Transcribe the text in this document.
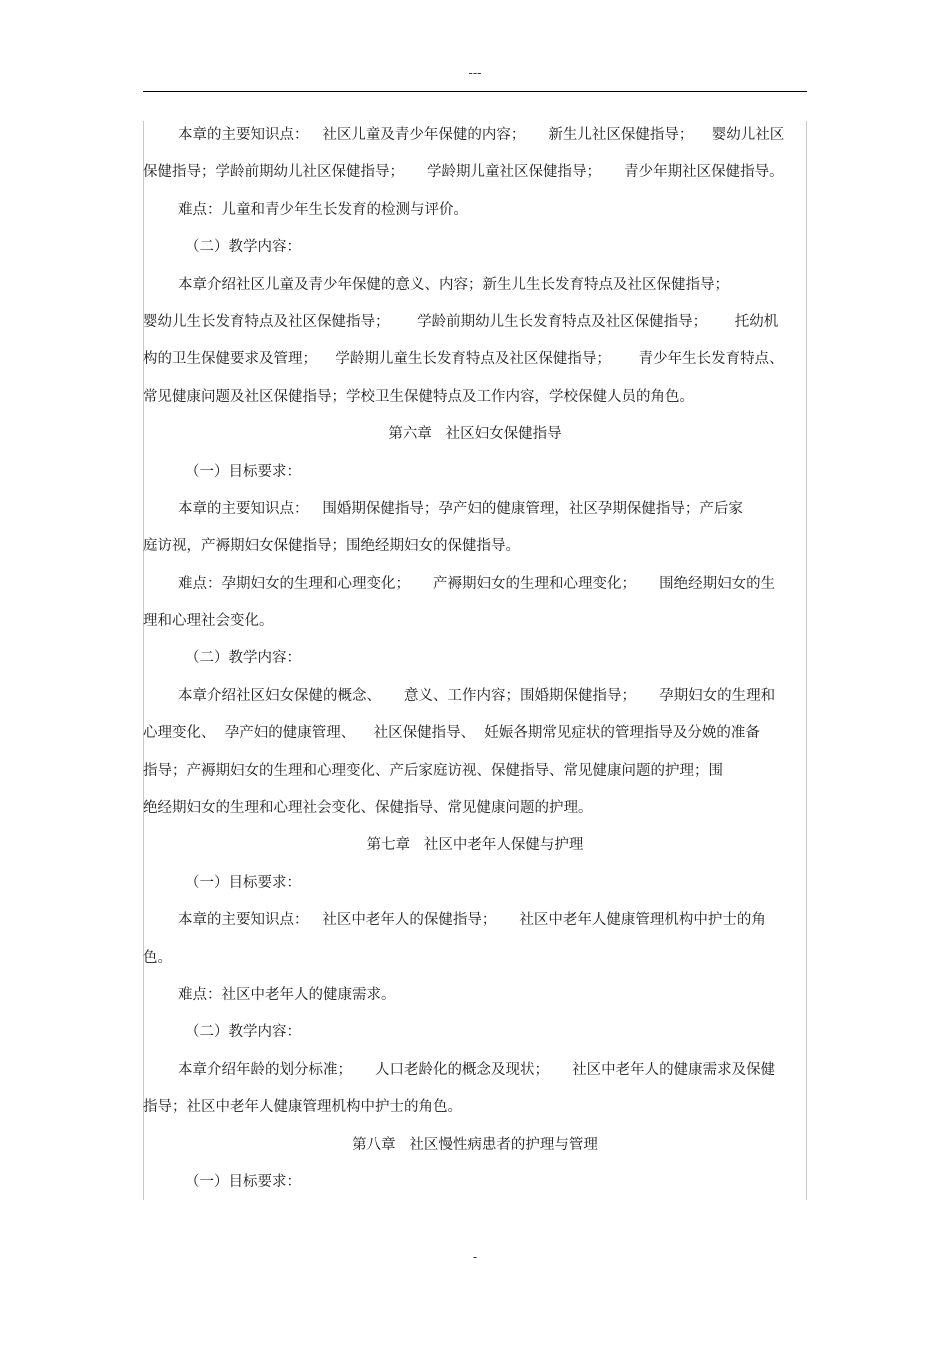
---
本章的主要知识点：   社区儿童及青少年保健的内容；     新生儿社区保健指导；    婴幼儿社区
保健指导；学龄前期幼儿社区保健指导；     学龄期儿童社区保健指导；     青少年期社区保健指导。
难点：儿童和青少年生长发育的检测与评价。
（二）教学内容：
本章介绍社区儿童及青少年保健的意义、内容；新生儿生长发育特点及社区保健指导；
婴幼儿生长发育特点及社区保健指导；      学龄前期幼儿生长发育特点及社区保健指导；      托幼机
构的卫生保健要求及管理；    学龄期儿童生长发育特点及社区保健指导；      青少年生长发育特点、
常见健康问题及社区保健指导；学校卫生保健特点及工作内容，学校保健人员的角色。
第六章   社区妇女保健指导
（一）目标要求：
本章的主要知识点：   围婚期保健指导；孕产妇的健康管理，社区孕期保健指导；产后家
庭访视，产褥期妇女保健指导；围绝经期妇女的保健指导。
难点：孕期妇女的生理和心理变化；     产褥期妇女的生理和心理变化；     围绝经期妇女的生
理和心理社会变化。
（二）教学内容：
本章介绍社区妇女保健的概念、     意义、工作内容；围婚期保健指导；     孕期妇女的生理和
心理变化、  孕产妇的健康管理、    社区保健指导、  妊娠各期常见症状的管理指导及分娩的准备
指导；产褥期妇女的生理和心理变化、产后家庭访视、保健指导、常见健康问题的护理；围
绝经期妇女的生理和心理社会变化、保健指导、常见健康问题的护理。
第七章   社区中老年人保健与护理
（一）目标要求：
本章的主要知识点：   社区中老年人的保健指导；     社区中老年人健康管理机构中护士的角
色。
难点：社区中老年人的健康需求。
（二）教学内容：
本章介绍年龄的划分标准；     人口老龄化的概念及现状；     社区中老年人的健康需求及保健
指导；社区中老年人健康管理机构中护士的角色。
第八章   社区慢性病患者的护理与管理
（一）目标要求：
-
